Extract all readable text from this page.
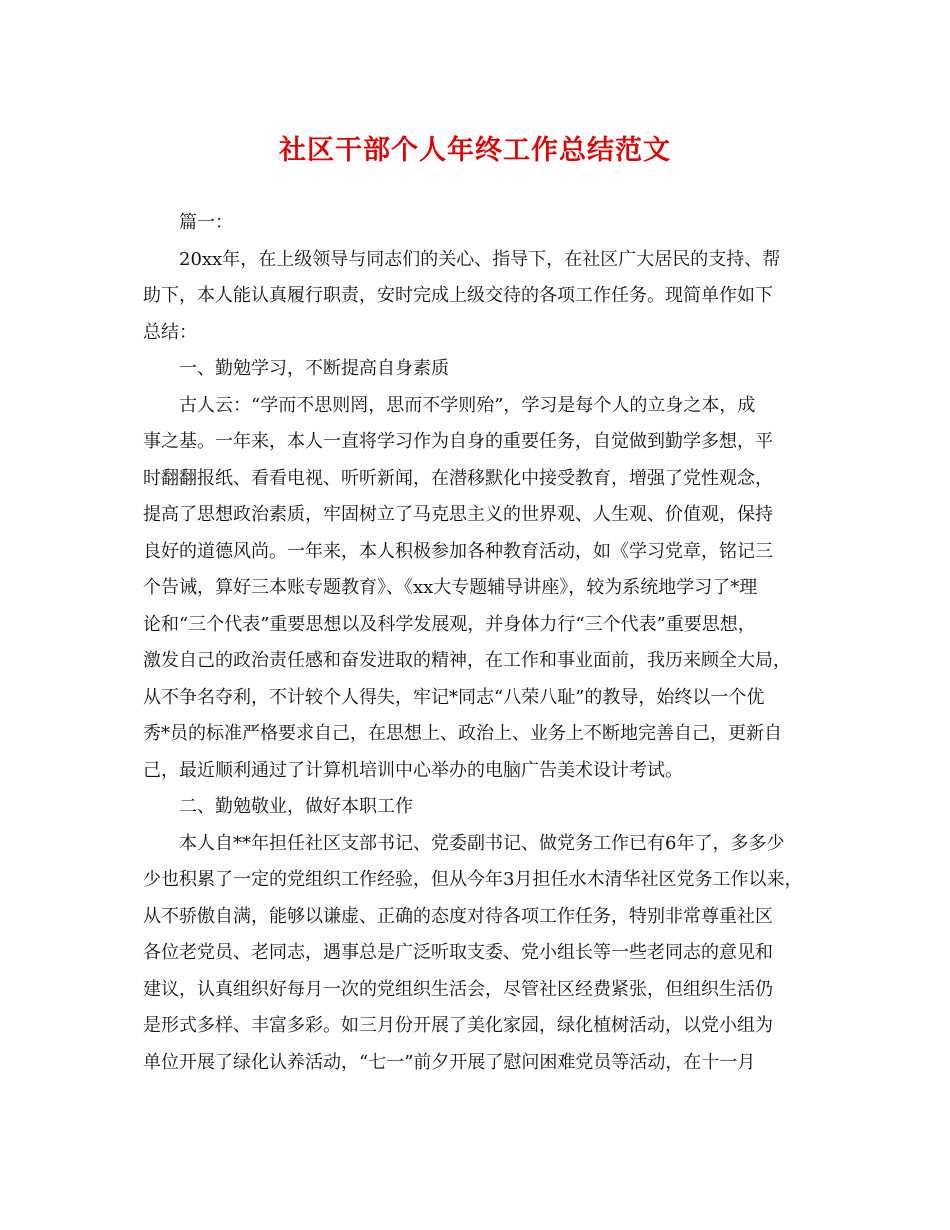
社区干部个人年终工作总结范文
篇一：
20xx年，在上级领导与同志们的关心、指导下，在社区广大居民的支持、帮
助下，本人能认真履行职责，安时完成上级交待的各项工作任务。现简单作如下
总结：
一、勤勉学习，不断提高自身素质
古人云：“学而不思则罔，思而不学则殆”，学习是每个人的立身之本，成
事之基。一年来，本人一直将学习作为自身的重要任务，自觉做到勤学多想，平
时翻翻报纸、看看电视、听听新闻，在潜移默化中接受教育，增强了党性观念，
提高了思想政治素质，牢固树立了马克思主义的世界观、人生观、价值观，保持
良好的道德风尚。一年来，本人积极参加各种教育活动，如《学习党章，铭记三
个告诫，算好三本账专题教育》、《xx大专题辅导讲座》，较为系统地学习了*理
论和“三个代表”重要思想以及科学发展观，并身体力行“三个代表”重要思想，
激发自己的政治责任感和奋发进取的精神，在工作和事业面前，我历来顾全大局，
从不争名夺利，不计较个人得失，牢记*同志“八荣八耻”的教导，始终以一个优
秀*员的标准严格要求自己，在思想上、政治上、业务上不断地完善自己，更新自
己，最近顺利通过了计算机培训中心举办的电脑广告美术设计考试。
二、勤勉敬业，做好本职工作
本人自**年担任社区支部书记、党委副书记、做党务工作已有6年了，多多少
少也积累了一定的党组织工作经验，但从今年3月担任水木清华社区党务工作以来，
从不骄傲自满，能够以谦虚、正确的态度对待各项工作任务，特别非常尊重社区
各位老党员、老同志，遇事总是广泛听取支委、党小组长等一些老同志的意见和
建议，认真组织好每月一次的党组织生活会，尽管社区经费紧张，但组织生活仍
是形式多样、丰富多彩。如三月份开展了美化家园，绿化植树活动，以党小组为
单位开展了绿化认养活动，“七一”前夕开展了慰问困难党员等活动，在十一月
